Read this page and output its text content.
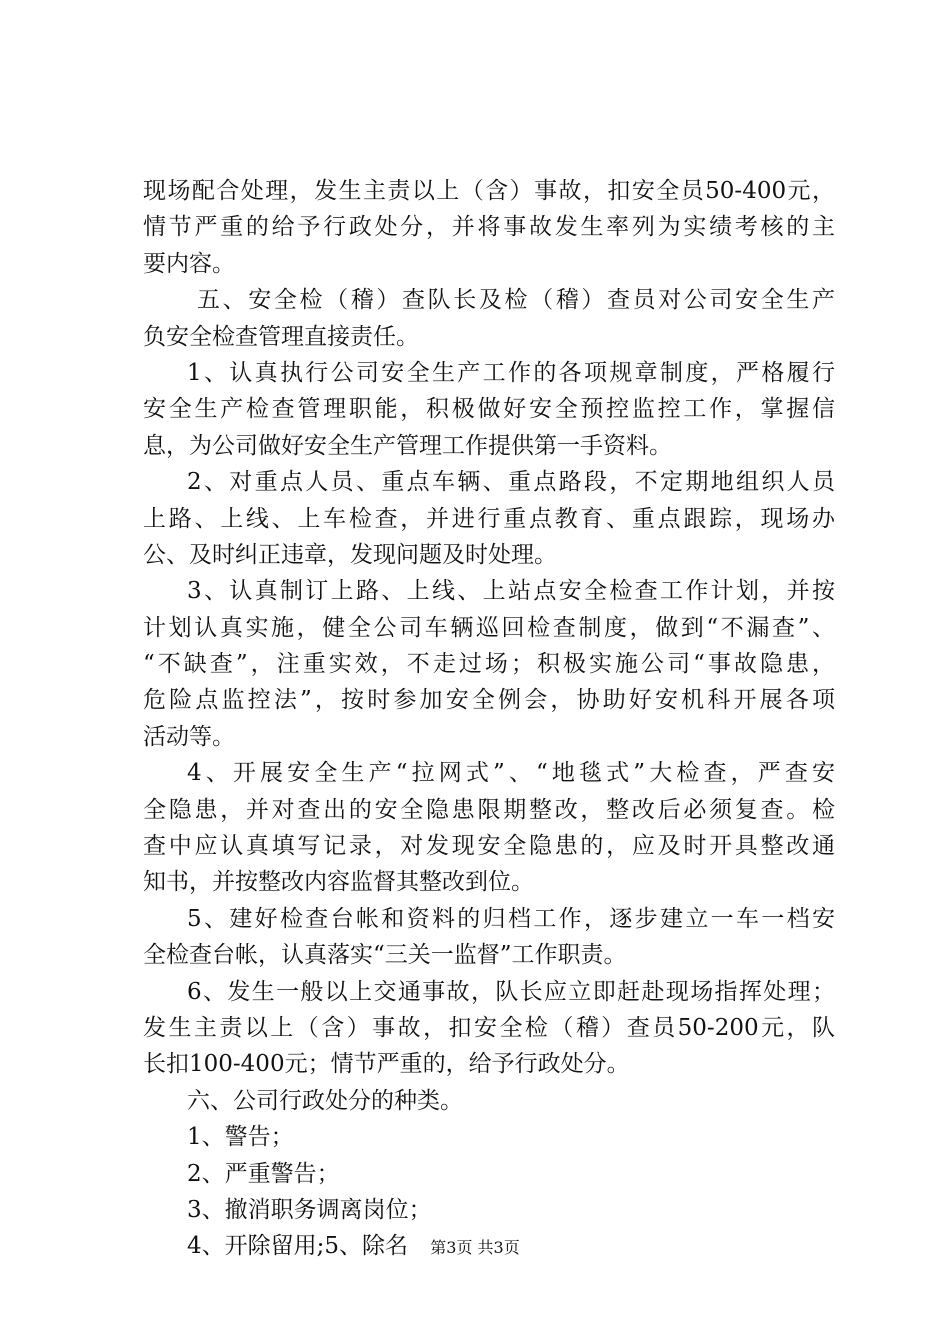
现场配合处理，发生主责以上（含）事故，扣安全员50-400元，
情节严重的给予行政处分，并将事故发生率列为实绩考核的主
要内容。
五、安全检（稽）查队长及检（稽）查员对公司安全生产
负安全检查管理直接责任。
1、认真执行公司安全生产工作的各项规章制度，严格履行
安全生产检查管理职能，积极做好安全预控监控工作，掌握信
息，为公司做好安全生产管理工作提供第一手资料。
2、对重点人员、重点车辆、重点路段，不定期地组织人员
上路、上线、上车检查，并进行重点教育、重点跟踪，现场办
公、及时纠正违章，发现问题及时处理。
3、认真制订上路、上线、上站点安全检查工作计划，并按
计划认真实施，健全公司车辆巡回检查制度，做到“不漏查”、
“不缺查”，注重实效，不走过场；积极实施公司“事故隐患，
危险点监控法”，按时参加安全例会，协助好安机科开展各项
活动等。
4、开展安全生产“拉网式”、“地毯式”大检查，严查安
全隐患，并对查出的安全隐患限期整改，整改后必须复查。检
查中应认真填写记录，对发现安全隐患的，应及时开具整改通
知书，并按整改内容监督其整改到位。
5、建好检查台帐和资料的归档工作，逐步建立一车一档安
全检查台帐，认真落实“三关一监督”工作职责。
6、发生一般以上交通事故，队长应立即赶赴现场指挥处理；
发生主责以上（含）事故，扣安全检（稽）查员50-200元，队
长扣100-400元；情节严重的，给予行政处分。
六、公司行政处分的种类。
1、警告；
2、严重警告；
3、撤消职务调离岗位；
4、开除留用;5、除名	第3页 共3页
